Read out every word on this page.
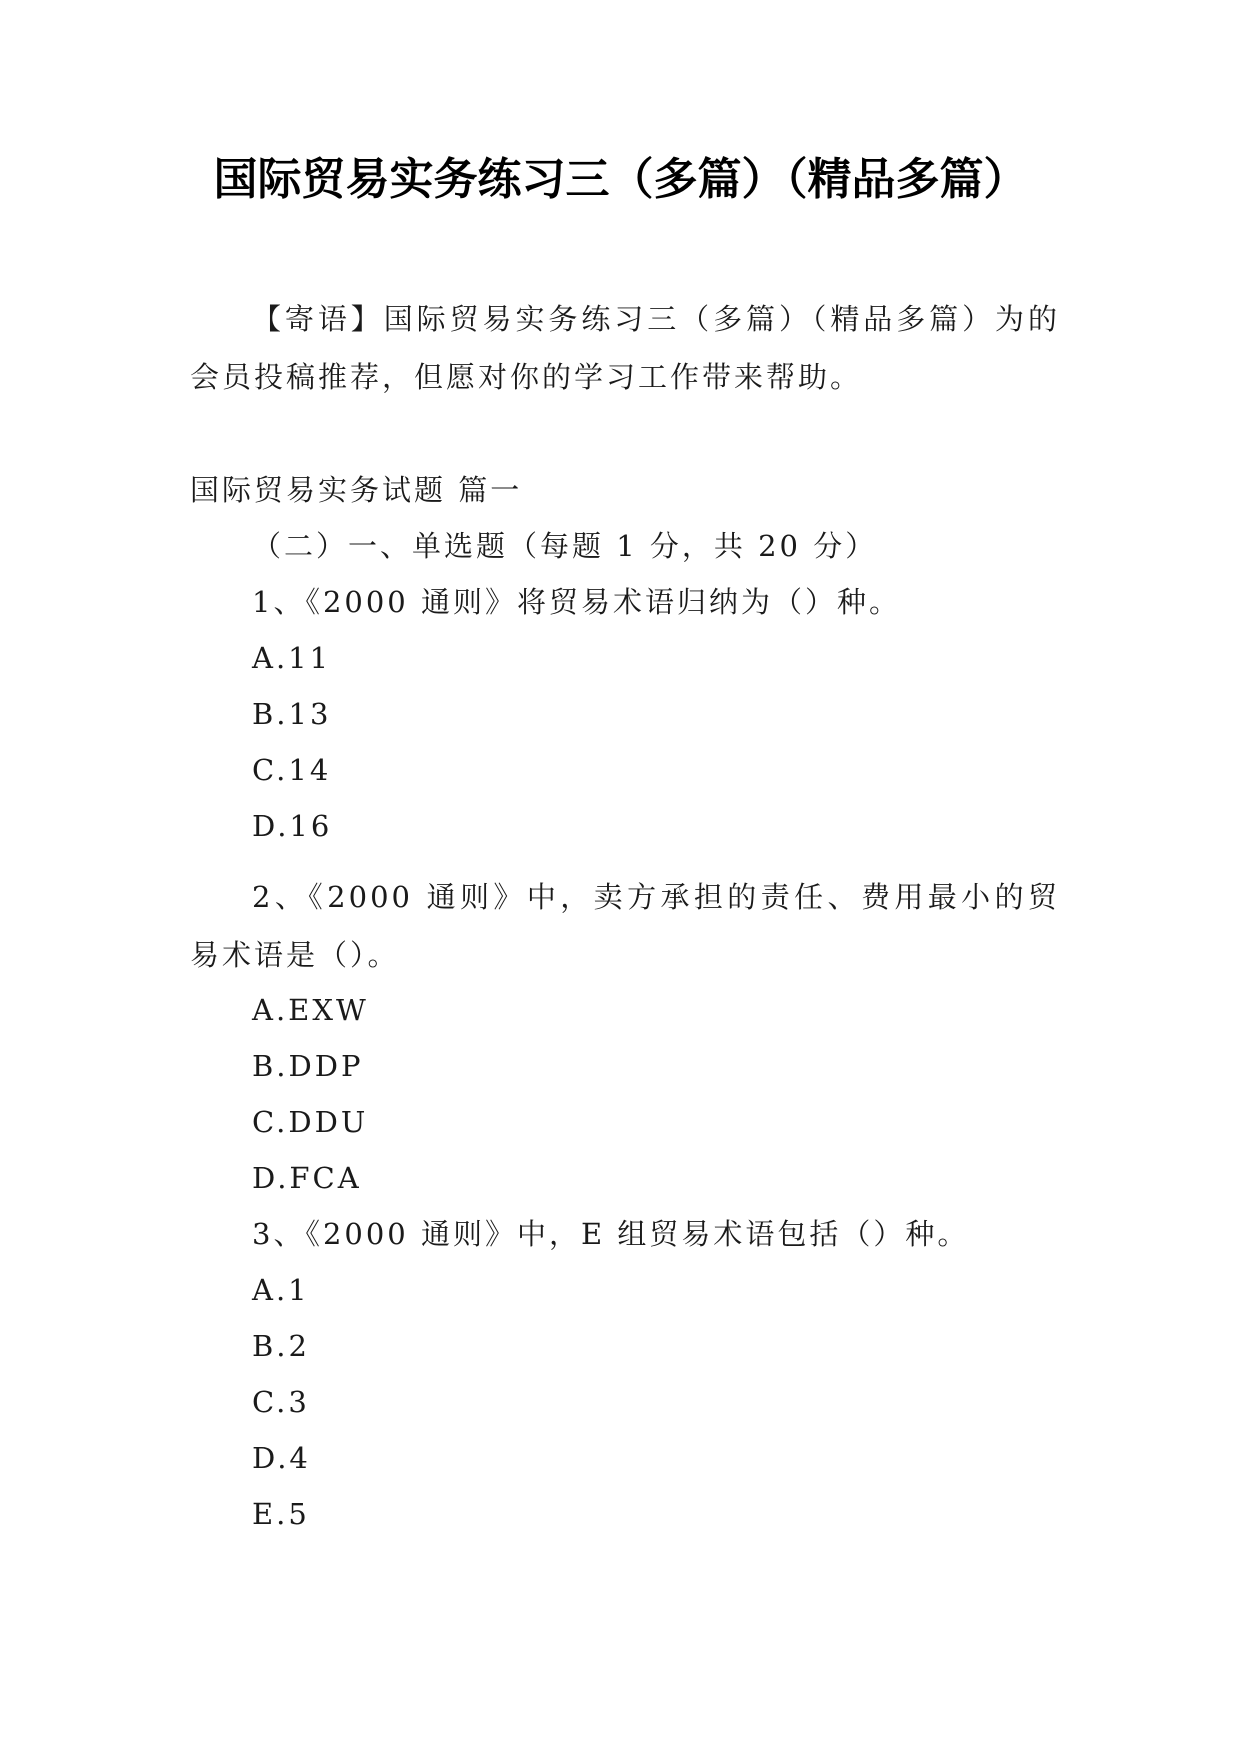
国际贸易实务练习三（多篇）（精品多篇）
【寄语】国际贸易实务练习三（多篇）（精品多篇）为的会员投稿推荐，但愿对你的学习工作带来帮助。
国际贸易实务试题 篇一
（二）一、单选题（每题 1 分，共 20 分）
1、《2000 通则》将贸易术语归纳为（）种。
A.11
B.13
C.14
D.16
2、《2000 通则》中，卖方承担的责任、费用最小的贸易术语是（）。
A.EXW
B.DDP
C.DDU
D.FCA
3、《2000 通则》中，E 组贸易术语包括（）种。
A.1
B.2
C.3
D.4
E.5
